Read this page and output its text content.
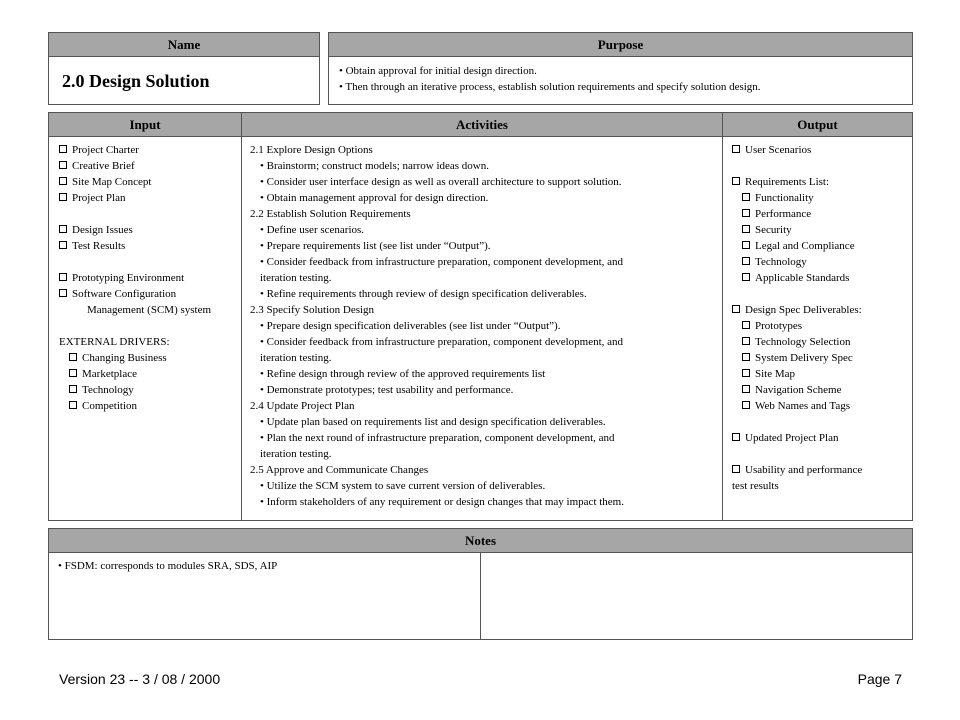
Name
2.0 Design Solution
Purpose
• Obtain approval for initial design direction.
• Then through an iterative process, establish solution requirements and specify solution design.
Input
Project Charter
Creative Brief
Site Map Concept
Project Plan
Design Issues
Test Results
Prototyping Environment
Software Configuration
Management (SCM) system
EXTERNAL DRIVERS:
Changing Business
Marketplace
Technology
Competition
Activities
2.1 Explore Design Options
• Brainstorm; construct models; narrow ideas down.
• Consider user interface design as well as overall architecture to support solution.
• Obtain management approval for design direction.
2.2 Establish Solution Requirements
• Define user scenarios.
• Prepare requirements list (see list under “Output”).
• Consider feedback from infrastructure preparation, component development, and
iteration testing.
• Refine requirements through review of design specification deliverables.
2.3 Specify Solution Design
• Prepare design specification deliverables (see list under “Output”).
• Consider feedback from infrastructure preparation, component development, and
iteration testing.
• Refine design through review of the approved requirements list
• Demonstrate prototypes; test usability and performance.
2.4 Update Project Plan
• Update plan based on requirements list and design specification deliverables.
• Plan the next round of infrastructure preparation, component development, and
iteration testing.
2.5 Approve and Communicate Changes
• Utilize the SCM system to save current version of deliverables.
• Inform stakeholders of any requirement or design changes that may impact them.
Output
User Scenarios
Requirements List:
Functionality
Performance
Security
Legal and Compliance
Technology
Applicable Standards
Design Spec Deliverables:
Prototypes
Technology Selection
System Delivery Spec
Site Map
Navigation Scheme
Web Names and Tags
Updated Project Plan
Usability and performance
test results
Notes
• FSDM: corresponds to modules SRA, SDS, AIP
Version 23 -- 3 / 08 / 2000	Page 7
